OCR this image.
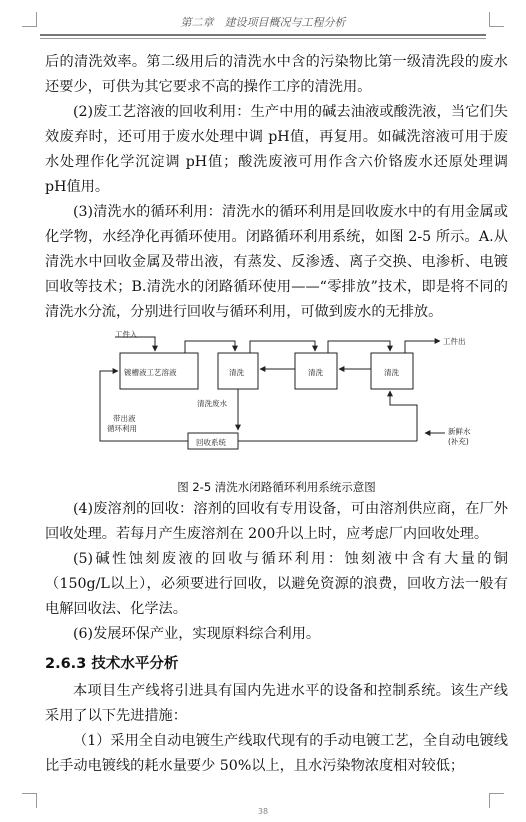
第二章　建设项目概况与工程分析

后的清洗效率。第二级用后的清洗水中含的污染物比第一级清洗段的废水还要少，可供为其它要求不高的操作工序的清洗用。

(2)废工艺溶液的回收利用：生产中用的碱去油液或酸洗液，当它们失效废弃时，还可用于废水处理中调 pH值，再复用。如碱洗溶液可用于废水处理作化学沉淀调 pH值；酸洗废液可用作含六价铬废水还原处理调 pH值用。

(3)清洗水的循环利用：清洗水的循环利用是回收废水中的有用金属或化学物，水经净化再循环使用。闭路循环利用系统，如图 2-5 所示。A.从清洗水中回收金属及带出液，有蒸发、反渗透、离子交换、电渗析、电镀回收等技术；B.清洗水的闭路循环使用——“零排放”技术，即是将不同的清洗水分流，分别进行回收与循环利用，可做到废水的无排放。

工件入
工件出
镀槽液工艺溶液	清洗	清洗	清洗
清洗废水
带出液
循环利用
回收系统
新鲜水
(补充)
图 2-5 清洗水闭路循环利用系统示意图

(4)废溶剂的回收：溶剂的回收有专用设备，可由溶剂供应商，在厂外回收处理。若每月产生废溶剂在 200升以上时，应考虑厂内回收处理。

(5)碱性蚀刻废液的回收与循环利用：蚀刻液中含有大量的铜（150g/L以上），必须要进行回收，以避免资源的浪费，回收方法一般有电解回收法、化学法。

(6)发展环保产业，实现原料综合利用。

2.6.3 技术水平分析

本项目生产线将引进具有国内先进水平的设备和控制系统。该生产线采用了以下先进措施：

（1）采用全自动电镀生产线取代现有的手动电镀工艺，全自动电镀线比手动电镀线的耗水量要少 50%以上，且水污染物浓度相对较低；

38
